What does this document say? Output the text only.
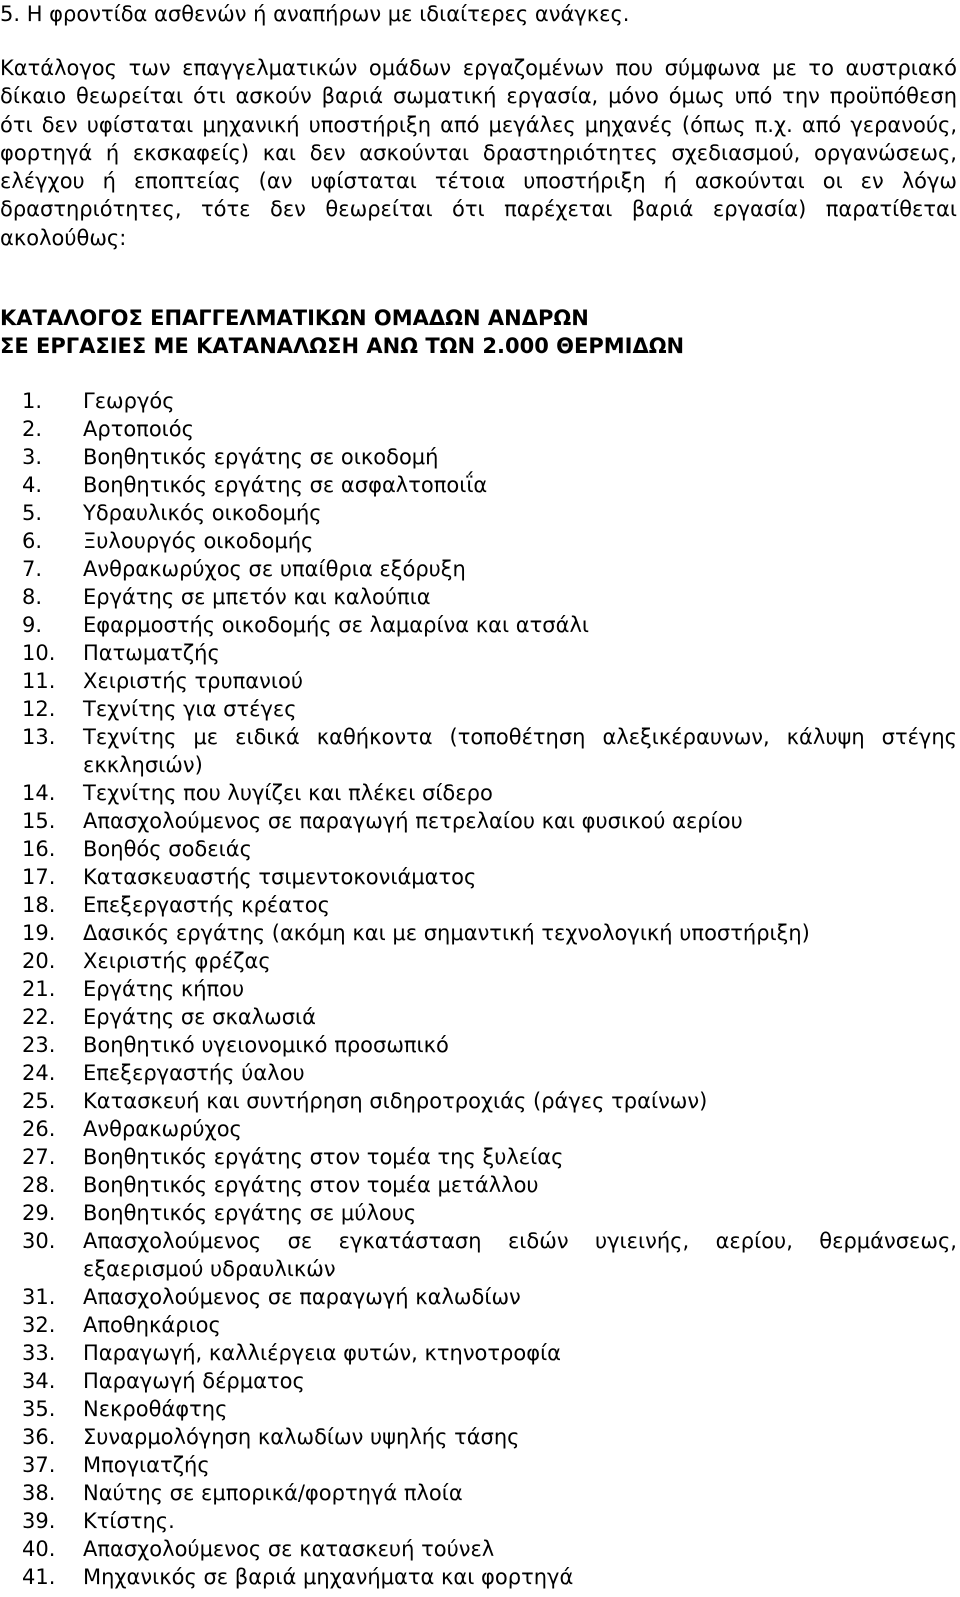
5. Η φροντίδα ασθενών ή αναπήρων με ιδιαίτερες ανάγκες.
Κατάλογος των επαγγελματικών ομάδων εργαζομένων που σύμφωνα με το αυστριακό δίκαιο θεωρείται ότι ασκούν βαριά σωματική εργασία, μόνο όμως υπό την προϋπόθεση ότι δεν υφίσταται μηχανική υποστήριξη από μεγάλες μηχανές (όπως π.χ. από γερανούς, φορτηγά ή εκσκαφείς) και δεν ασκούνται δραστηριότητες σχεδιασμού, οργανώσεως, ελέγχου ή εποπτείας (αν υφίσταται τέτοια υποστήριξη ή ασκούνται οι εν λόγω δραστηριότητες, τότε δεν θεωρείται ότι παρέχεται βαριά εργασία) παρατίθεται ακολούθως:
ΚΑΤΑΛΟΓΟΣ ΕΠΑΓΓΕΛΜΑΤΙΚΩΝ ΟΜΑΔΩΝ ΑΝΔΡΩΝ
ΣΕ ΕΡΓΑΣΙΕΣ ΜΕ ΚΑΤΑΝΑΛΩΣΗ ΑΝΩ ΤΩΝ 2.000 ΘΕΡΜΙΔΩΝ
1. Γεωργός
2. Αρτοποιός
3. Βοηθητικός εργάτης σε οικοδομή
4. Βοηθητικός εργάτης σε ασφαλτοποιΐα
5. Υδραυλικός οικοδομής
6. Ξυλουργός οικοδομής
7. Ανθρακωρύχος σε υπαίθρια εξόρυξη
8. Εργάτης σε μπετόν και καλούπια
9. Εφαρμοστής οικοδομής σε λαμαρίνα και ατσάλι
10. Πατωματζής
11. Χειριστής τρυπανιού
12. Τεχνίτης για στέγες
13. Τεχνίτης με ειδικά καθήκοντα (τοποθέτηση αλεξικέραυνων, κάλυψη στέγης εκκλησιών)
14. Τεχνίτης που λυγίζει και πλέκει σίδερο
15. Απασχολούμενος σε παραγωγή πετρελαίου και φυσικού αερίου
16. Βοηθός σοδειάς
17. Κατασκευαστής τσιμεντοκονιάματος
18. Επεξεργαστής κρέατος
19. Δασικός εργάτης (ακόμη και με σημαντική τεχνολογική υποστήριξη)
20. Χειριστής φρέζας
21. Εργάτης κήπου
22. Εργάτης σε σκαλωσιά
23. Βοηθητικό υγειονομικό προσωπικό
24. Επεξεργαστής ύαλου
25. Κατασκευή και συντήρηση σιδηροτροχιάς (ράγες τραίνων)
26. Ανθρακωρύχος
27. Βοηθητικός εργάτης στον τομέα της ξυλείας
28. Βοηθητικός εργάτης στον τομέα μετάλλου
29. Βοηθητικός εργάτης σε μύλους
30. Απασχολούμενος σε εγκατάσταση ειδών υγιεινής, αερίου, θερμάνσεως, εξαερισμού υδραυλικών
31. Απασχολούμενος σε παραγωγή καλωδίων
32. Αποθηκάριος
33. Παραγωγή, καλλιέργεια φυτών, κτηνοτροφία
34. Παραγωγή δέρματος
35. Νεκροθάφτης
36. Συναρμολόγηση καλωδίων υψηλής τάσης
37. Μπογιατζής
38. Ναύτης σε εμπορικά/φορτηγά πλοία
39. Κτίστης.
40. Απασχολούμενος σε κατασκευή τούνελ
41. Μηχανικός σε βαριά μηχανήματα και φορτηγά
